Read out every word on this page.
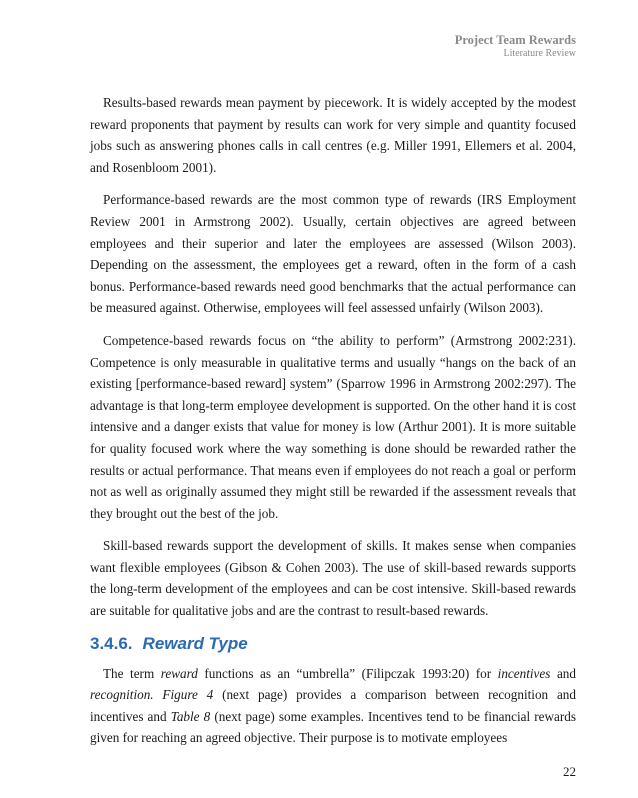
Project Team Rewards
Literature Review

Results-based rewards mean payment by piecework. It is widely accepted by the modest reward proponents that payment by results can work for very simple and quantity focused jobs such as answering phones calls in call centres (e.g. Miller 1991, Ellemers et al. 2004, and Rosenbloom 2001).

Performance-based rewards are the most common type of rewards (IRS Employment Review 2001 in Armstrong 2002). Usually, certain objectives are agreed between employees and their superior and later the employees are assessed (Wilson 2003). Depending on the assessment, the employees get a reward, often in the form of a cash bonus. Performance-based rewards need good benchmarks that the actual performance can be measured against. Otherwise, employees will feel assessed unfairly (Wilson 2003).

Competence-based rewards focus on “the ability to perform” (Armstrong 2002:231). Competence is only measurable in qualitative terms and usually “hangs on the back of an existing [performance-based reward] system” (Sparrow 1996 in Armstrong 2002:297). The advantage is that long-term employee development is supported. On the other hand it is cost intensive and a danger exists that value for money is low (Arthur 2001). It is more suitable for quality focused work where the way something is done should be rewarded rather the results or actual performance. That means even if employees do not reach a goal or perform not as well as originally assumed they might still be rewarded if the assessment reveals that they brought out the best of the job.

Skill-based rewards support the development of skills. It makes sense when companies want flexible employees (Gibson & Cohen 2003). The use of skill-based rewards supports the long-term development of the employees and can be cost intensive. Skill-based rewards are suitable for qualitative jobs and are the contrast to result-based rewards.

3.4.6. Reward Type

The term reward functions as an “umbrella” (Filipczak 1993:20) for incentives and recognition. Figure 4 (next page) provides a comparison between recognition and incentives and Table 8 (next page) some examples. Incentives tend to be financial rewards given for reaching an agreed objective. Their purpose is to motivate employees

22
